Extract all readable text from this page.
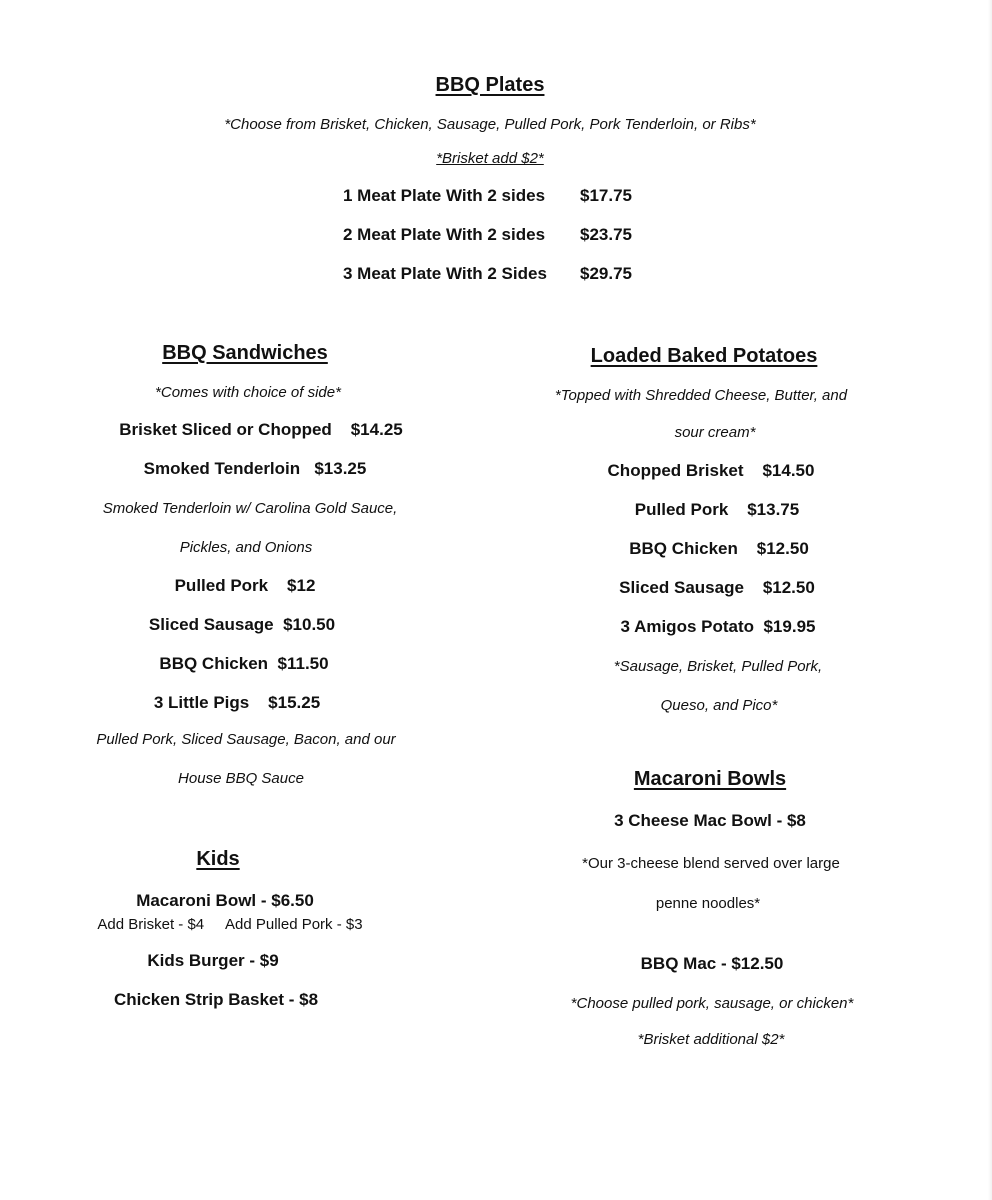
BBQ Plates
*Choose from Brisket, Chicken, Sausage, Pulled Pork, Pork Tenderloin, or Ribs*
*Brisket add $2*
1 Meat Plate With 2 sides $17.75
2 Meat Plate With 2 sides $23.75
3 Meat Plate With 2 Sides $29.75
BBQ Sandwiches
*Comes with choice of side*
Brisket Sliced or Chopped $14.25
Smoked Tenderloin $13.25
Smoked Tenderloin w/ Carolina Gold Sauce,
Pickles, and Onions
Pulled Pork $12
Sliced Sausage $10.50
BBQ Chicken $11.50
3 Little Pigs $15.25
Pulled Pork, Sliced Sausage, Bacon, and our
House BBQ Sauce
Kids
Macaroni Bowl - $6.50
Add Brisket - $4 Add Pulled Pork - $3
Kids Burger - $9
Chicken Strip Basket - $8
Loaded Baked Potatoes
*Topped with Shredded Cheese, Butter, and
sour cream*
Chopped Brisket $14.50
Pulled Pork $13.75
BBQ Chicken $12.50
Sliced Sausage $12.50
3 Amigos Potato $19.95
*Sausage, Brisket, Pulled Pork,
Queso, and Pico*
Macaroni Bowls
3 Cheese Mac Bowl - $8
*Our 3-cheese blend served over large
penne noodles*
BBQ Mac - $12.50
*Choose pulled pork, sausage, or chicken*
*Brisket additional $2*
